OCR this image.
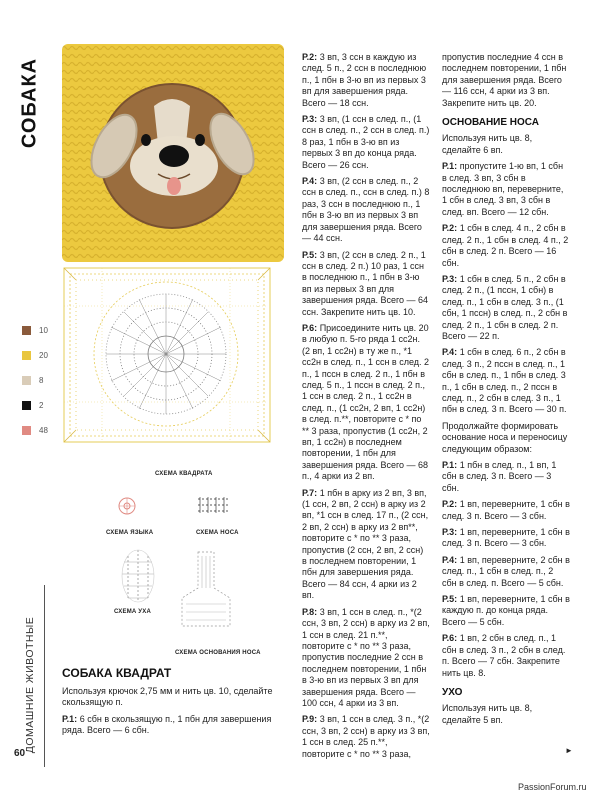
СОБАКА
ДОМАШНИЕ ЖИВОТНЫЕ
60
10
20
8
2
48
СХЕМА КВАДРАТА
СХЕМА ЯЗЫКА	СХЕМА НОСА
СХЕМА УХА
СХЕМА ОСНОВАНИЯ НОСА
СОБАКА КВАДРАТ

Используя крючок 2,75 мм и нить цв. 10, сделайте скользящую п.

Р.1: 6 сбн в скользящую п., 1 пбн для завершения ряда. Всего — 6 сбн.

Р.2: 3 вп, 3 ссн в каждую из след. 5 п., 2 ссн в последнюю п., 1 пбн в 3-ю вп из первых 3 вп для завершения ряда. Всего — 18 ссн.

Р.3: 3 вп, (1 ссн в след. п., (1 ссн в след. п., 2 ссн в след. п.) 8 раз, 1 пбн в 3-ю вп из первых 3 вп до конца ряда. Всего — 26 ссн.

Р.4: 3 вп, (2 ссн в след. п., 2 ссн в след. п., ссн в след. п.) 8 раз, 3 ссн в последнюю п., 1 пбн в 3-ю вп из первых 3 вп для завершения ряда. Всего — 44 ссн.

Р.5: 3 вп, (2 ссн в след. 2 п., 1 ссн в след. 2 п.) 10 раз, 1 ссн в последнюю п., 1 пбн в 3-ю вп из первых 3 вп для завершения ряда. Всего — 64 ссн. Закрепите нить цв. 10.

Р.6: Присоедините нить цв. 20 в любую п. 5-го ряда 1 сс2н. (2 вп, 1 сс2н) в ту же п., *1 сс2н в след. п., 1 ссн в след. 2 п., 1 пссн в след. 2 п., 1 пбн в след. 5 п., 1 пссн в след. 2 п., 1 ссн в след. 2 п., 1 сс2н в след. п., (1 сс2н, 2 вп, 1 сс2н) в след. п.**, повторите с * по ** 3 раза, пропустив (1 сс2н, 2 вп, 1 сс2н) в последнем повторении, 1 пбн для завершения ряда. Всего — 68 п., 4 арки из 2 вп.

Р.7: 1 пбн в арку из 2 вп, 3 вп, (1 ссн, 2 вп, 2 ссн) в арку из 2 вп, *1 ссн в след. 17 п., (2 ссн, 2 вп, 2 ссн) в арку из 2 вп**, повторите с * по ** 3 раза, пропустив (2 ссн, 2 вп, 2 ссн) в последнем повторении, 1 пбн для завершения ряда. Всего — 84 ссн, 4 арки из 2 вп.

Р.8: 3 вп, 1 ссн в след. п., *(2 ссн, 3 вп, 2 ссн) в арку из 2 вп, 1 ссн в след. 21 п.**, повторите с * по ** 3 раза, пропустив последние 2 ссн в последнем повторении, 1 пбн в 3-ю вп из первых 3 вп для завершения ряда. Всего — 100 ссн, 4 арки из 3 вп.

Р.9: 3 вп, 1 ссн в след. 3 п., *(2 ссн, 3 вп, 2 ссн) в арку из 3 вп, 1 ссн в след. 25 п.**, повторите с * по ** 3 раза,

пропустив последние 4 ссн в последнем повторении, 1 пбн для завершения ряда. Всего — 116 ссн, 4 арки из 3 вп. Закрепите нить цв. 20.

ОСНОВАНИЕ НОСА

Используя нить цв. 8, сделайте 6 вп.

Р.1: пропустите 1-ю вп, 1 сбн в след. 3 вп, 3 сбн в последнюю вп, переверните, 1 сбн в след. 3 вп, 3 сбн в след. вп. Всего — 12 сбн.

Р.2: 1 сбн в след. 4 п., 2 сбн в след. 2 п., 1 сбн в след. 4 п., 2 сбн в след. 2 п. Всего — 16 сбн.

Р.3: 1 сбн в след. 5 п., 2 сбн в след. 2 п., (1 пссн, 1 сбн) в след. п., 1 сбн в след. 3 п., (1 сбн, 1 пссн) в след. п., 2 сбн в след. 2 п., 1 сбн в след. 2 п. Всего — 22 п.

Р.4: 1 сбн в след. 6 п., 2 сбн в след. 3 п., 2 пссн в след. п., 1 сбн в след. п., 1 пбн в след. 3 п., 1 сбн в след. п., 2 пссн в след. п., 2 сбн в след. 3 п., 1 пбн в след. 3 п. Всего — 30 п.

Продолжайте формировать основание носа и переносицу следующим образом:

Р.1: 1 пбн в след. п., 1 вп, 1 сбн в след. 3 п. Всего — 3 сбн.

Р.2: 1 вп, переверните, 1 сбн в след. 3 п. Всего — 3 сбн.

Р.3: 1 вп, переверните, 1 сбн в след. 3 п. Всего — 3 сбн.

Р.4: 1 вп, переверните, 2 сбн в след. п., 1 сбн в след. п., 2 сбн в след. п. Всего — 5 сбн.

Р.5: 1 вп, переверните, 1 сбн в каждую п. до конца ряда. Всего — 5 сбн.

Р.6: 1 вп, 2 сбн в след. п., 1 сбн в след. 3 п., 2 сбн в след. п. Всего — 7 сбн. Закрепите нить цв. 8.

УХО

Используя нить цв. 8, сделайте 5 вп.

►
PassionForum.ru
